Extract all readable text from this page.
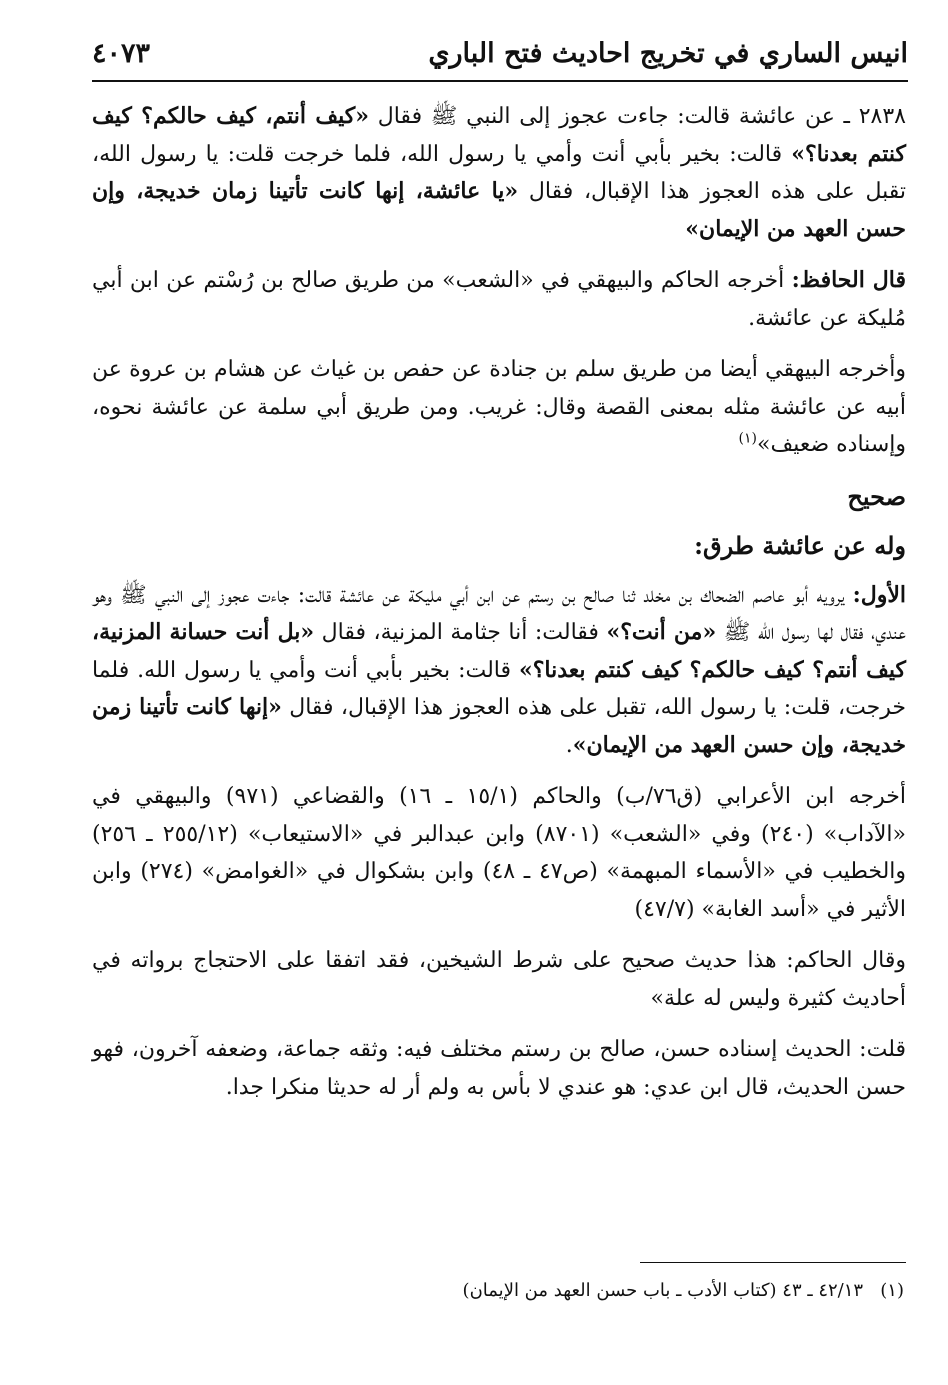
انيس الساري في تخريج احاديث فتح الباري
٤٠٧٣

٢٨٣٨ ـ عن عائشة قالت: جاءت عجوز إلى النبي ﷺ فقال «كيف أنتم، كيف حالكم؟ كيف كنتم بعدنا؟» قالت: بخير بأبي أنت وأمي يا رسول الله، فلما خرجت قلت: يا رسول الله، تقبل على هذه العجوز هذا الإقبال، فقال «يا عائشة، إنها كانت تأتينا زمان خديجة، وإن حسن العهد من الإيمان»

قال الحافظ: أخرجه الحاكم والبيهقي في «الشعب» من طريق صالح بن رُسْتم عن ابن أبي مُليكة عن عائشة.

وأخرجه البيهقي أيضا من طريق سلم بن جنادة عن حفص بن غياث عن هشام بن عروة عن أبيه عن عائشة مثله بمعنى القصة وقال: غريب. ومن طريق أبي سلمة عن عائشة نحوه، وإسناده ضعيف»$^{(١)}$

صحيح
وله عن عائشة طرق:

الأول: يرويه أبو عاصم الضحاك بن مخلد ثنا صالح بن رستم عن ابن أبي مليكة عن عائشة قالت: جاءت عجوز إلى النبي ﷺ وهو عندي، فقال لها رسول الله ﷺ «من أنت؟» فقالت: أنا جثامة المزنية، فقال «بل أنت حسانة المزنية، كيف أنتم؟ كيف حالكم؟ كيف كنتم بعدنا؟» قالت: بخير بأبي أنت وأمي يا رسول الله. فلما خرجت، قلت: يا رسول الله، تقبل على هذه العجوز هذا الإقبال، فقال «إنها كانت تأتينا زمن خديجة، وإن حسن العهد من الإيمان».

أخرجه ابن الأعرابي (ق٧٦/ب) والحاكم (١٥/١ ـ ١٦) والقضاعي (٩٧١) والبيهقي في «الآداب» (٢٤٠) وفي «الشعب» (٨٧٠١) وابن عبدالبر في «الاستيعاب» (٢٥٥/١٢ ـ ٢٥٦) والخطيب في «الأسماء المبهمة» (ص٤٧ ـ ٤٨) وابن بشكوال في «الغوامض» (٢٧٤) وابن الأثير في «أسد الغابة» (٤٧/٧)

وقال الحاكم: هذا حديث صحيح على شرط الشيخين، فقد اتفقا على الاحتجاج برواته في أحاديث كثيرة وليس له علة»

قلت: الحديث إسناده حسن، صالح بن رستم مختلف فيه: وثقه جماعة، وضعفه آخرون، فهو حسن الحديث، قال ابن عدي: هو عندي لا بأس به ولم أر له حديثا منكرا جدا.

(١)   ٤٢/١٣ ـ ٤٣ (كتاب الأدب ـ باب حسن العهد من الإيمان)
